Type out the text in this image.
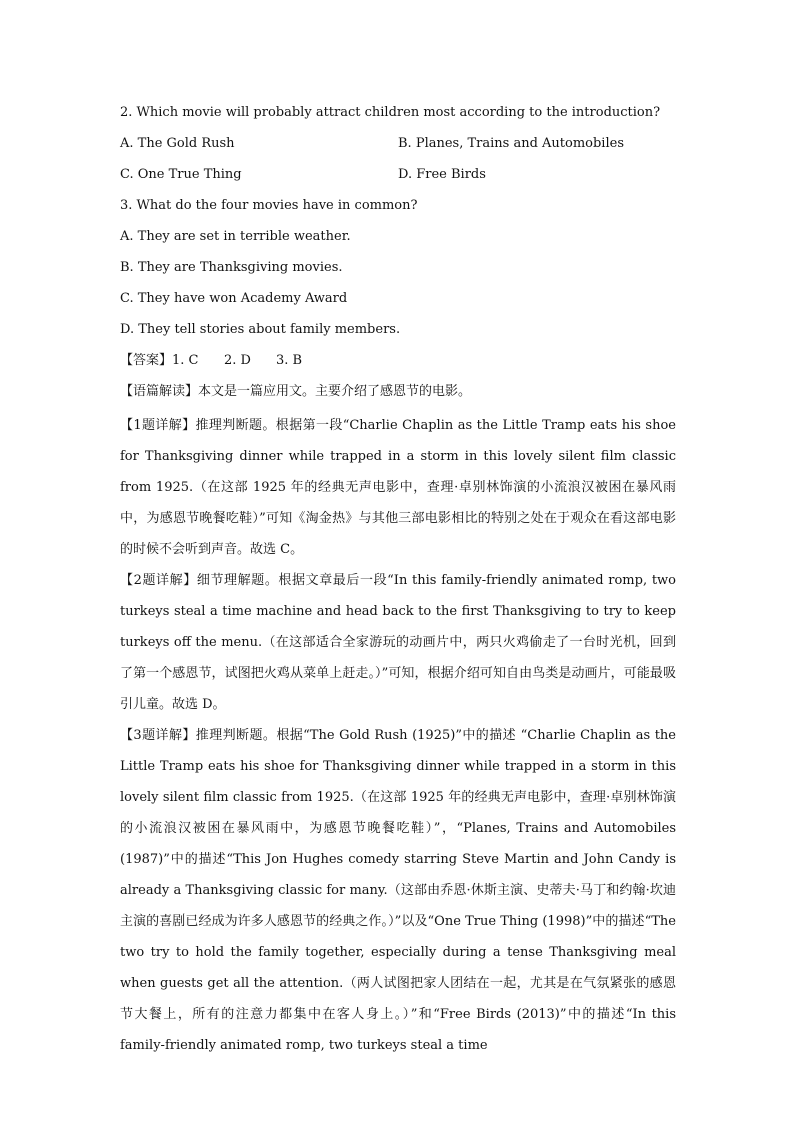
2. Which movie will probably attract children most according to the introduction?
A. The Gold Rush	B. Planes, Trains and Automobiles
C. One True Thing	D. Free Birds
3. What do the four movies have in common?
A. They are set in terrible weather.
B. They are Thanksgiving movies.
C. They have won Academy Award
D. They tell stories about family members.
【答案】1. C 2. D 3. B
【语篇解读】本文是一篇应用文。主要介绍了感恩节的电影。
【1题详解】推理判断题。根据第一段“Charlie Chaplin as the Little Tramp eats his shoe for Thanksgiving dinner while trapped in a storm in this lovely silent film classic from 1925.（在这部 1925 年的经典无声电影中，查理·卓别林饰演的小流浪汉被困在暴风雨中，为感恩节晚餐吃鞋）”可知《淘金热》与其他三部电影相比的特别之处在于观众在看这部电影的时候不会听到声音。故选 C。
【2题详解】细节理解题。根据文章最后一段“In this family-friendly animated romp, two turkeys steal a time machine and head back to the first Thanksgiving to try to keep turkeys off the menu.（在这部适合全家游玩的动画片中，两只火鸡偷走了一台时光机，回到了第一个感恩节，试图把火鸡从菜单上赶走。）”可知，根据介绍可知自由鸟类是动画片，可能最吸引儿童。故选 D。
【3题详解】推理判断题。根据“The Gold Rush (1925)”中的描述 “Charlie Chaplin as the Little Tramp eats his shoe for Thanksgiving dinner while trapped in a storm in this lovely silent film classic from 1925.（在这部 1925 年的经典无声电影中，查理·卓别林饰演的小流浪汉被困在暴风雨中，为感恩节晚餐吃鞋）”，“Planes, Trains and Automobiles (1987)”中的描述“This Jon Hughes comedy starring Steve Martin and John Candy is already a Thanksgiving classic for many.（这部由乔恩·休斯主演、史蒂夫·马丁和约翰·坎迪主演的喜剧已经成为许多人感恩节的经典之作。）”以及“One True Thing (1998)”中的描述“The two try to hold the family together, especially during a tense Thanksgiving meal when guests get all the attention.（两人试图把家人团结在一起，尤其是在气氛紧张的感恩节大餐上，所有的注意力都集中在客人身上。）”和“Free Birds (2013)”中的描述“In this family-friendly animated romp, two turkeys steal a time
